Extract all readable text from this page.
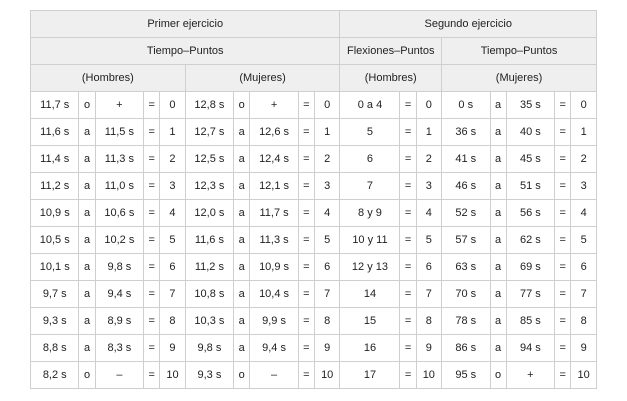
Primer ejercicio										Segundo ejercicio							
Tiempo–Puntos										Flexiones–Puntos			Tiempo–Puntos				
(Hombres)					(Mujeres)					(Hombres)			(Mujeres)				
11,7 s	o	+	=	0	12,8 s	o	+	=	0	0 a 4	=	0	0 s	a	35 s	=	0
11,6 s	a	11,5 s	=	1	12,7 s	a	12,6 s	=	1	5	=	1	36 s	a	40 s	=	1
11,4 s	a	11,3 s	=	2	12,5 s	a	12,4 s	=	2	6	=	2	41 s	a	45 s	=	2
11,2 s	a	11,0 s	=	3	12,3 s	a	12,1 s	=	3	7	=	3	46 s	a	51 s	=	3
10,9 s	a	10,6 s	=	4	12,0 s	a	11,7 s	=	4	8 y 9	=	4	52 s	a	56 s	=	4
10,5 s	a	10,2 s	=	5	11,6 s	a	11,3 s	=	5	10 y 11	=	5	57 s	a	62 s	=	5
10,1 s	a	9,8 s	=	6	11,2 s	a	10,9 s	=	6	12 y 13	=	6	63 s	a	69 s	=	6
9,7 s	a	9,4 s	=	7	10,8 s	a	10,4 s	=	7	14	=	7	70 s	a	77 s	=	7
9,3 s	a	8,9 s	=	8	10,3 s	a	9,9 s	=	8	15	=	8	78 s	a	85 s	=	8
8,8 s	a	8,3 s	=	9	9,8 s	a	9,4 s	=	9	16	=	9	86 s	a	94 s	=	9
8,2 s	o	–	=	10	9,3 s	o	–	=	10	17	=	10	95 s	o	+	=	10
